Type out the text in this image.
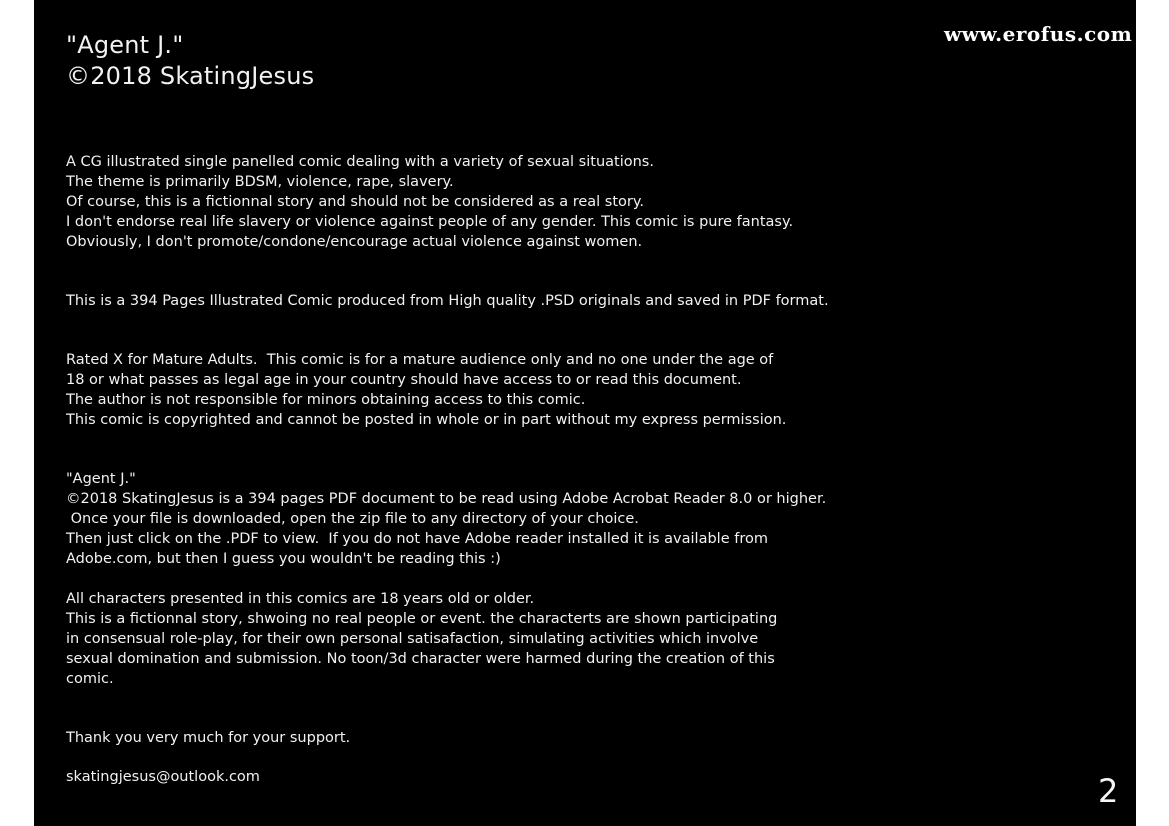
"Agent J."
©2018 SkatingJesus
A CG illustrated single panelled comic dealing with a variety of sexual situations.
The theme is primarily BDSM, violence, rape, slavery.
Of course, this is a fictionnal story and should not be considered as a real story.
I don't endorse real life slavery or violence against people of any gender. This comic is pure fantasy.
Obviously, I don't promote/condone/encourage actual violence against women.
This is a 394 Pages Illustrated Comic produced from High quality .PSD originals and saved in PDF format.
Rated X for Mature Adults.  This comic is for a mature audience only and no one under the age of
18 or what passes as legal age in your country should have access to or read this document.
The author is not responsible for minors obtaining access to this comic.
This comic is copyrighted and cannot be posted in whole or in part without my express permission.
"Agent J."
©2018 SkatingJesus is a 394 pages PDF document to be read using Adobe Acrobat Reader 8.0 or higher.
Once your file is downloaded, open the zip file to any directory of your choice.
Then just click on the .PDF to view.  If you do not have Adobe reader installed it is available from
Adobe.com, but then I guess you wouldn't be reading this :)
All characters presented in this comics are 18 years old or older.
This is a fictionnal story, shwoing no real people or event. the characterts are shown participating
in consensual role-play, for their own personal satisafaction, simulating activities which involve
sexual domination and submission. No toon/3d character were harmed during the creation of this
comic.
Thank you very much for your support.
skatingjesus@outlook.com	2
www.erofus.com
